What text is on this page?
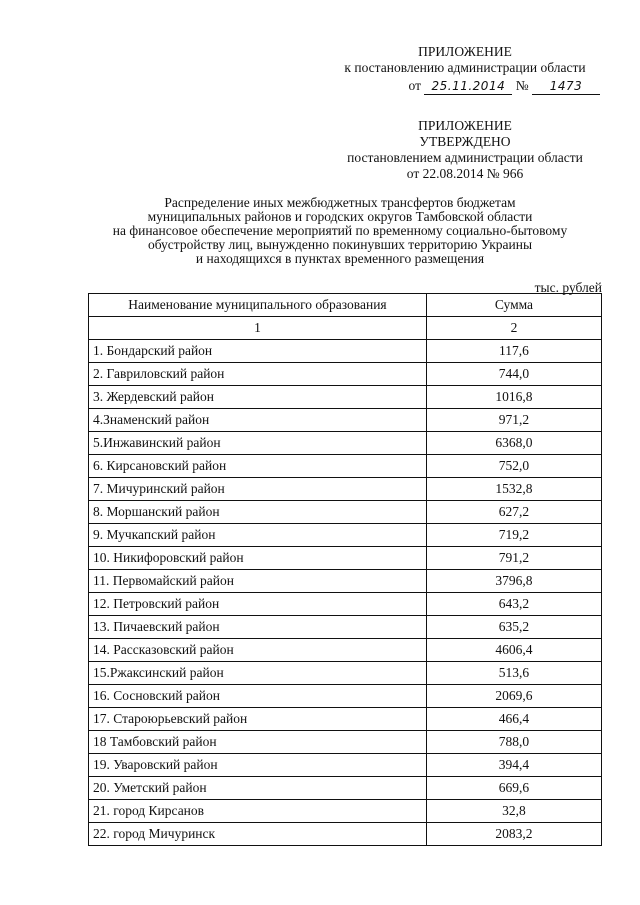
ПРИЛОЖЕНИЕ
к постановлению администрации области
от 25.11.2014 № 1473
ПРИЛОЖЕНИЕ
УТВЕРЖДЕНО
постановлением администрации области
от 22.08.2014 № 966
Распределение иных межбюджетных трансфертов бюджетам
муниципальных районов и городских округов Тамбовской области
на финансовое обеспечение мероприятий по временному социально-бытовому
обустройству лиц, вынужденно покинувших территорию Украины
и находящихся в пунктах временного размещения
тыс. рублей
Наименование муниципального образования	Сумма
1	2
1. Бондарский район	117,6
2. Гавриловский район	744,0
3. Жердевский район	1016,8
4.Знаменский район	971,2
5.Инжавинский район	6368,0
6. Кирсановский район	752,0
7. Мичуринский район	1532,8
8. Моршанский район	627,2
9. Мучкапский район	719,2
10. Никифоровский район	791,2
11. Первомайский район	3796,8
12. Петровский район	643,2
13. Пичаевский район	635,2
14. Рассказовский район	4606,4
15.Ржаксинский район	513,6
16. Сосновский район	2069,6
17. Староюрьевский район	466,4
18 Тамбовский район	788,0
19. Уваровский район	394,4
20. Уметский район	669,6
21. город Кирсанов	32,8
22. город Мичуринск	2083,2
